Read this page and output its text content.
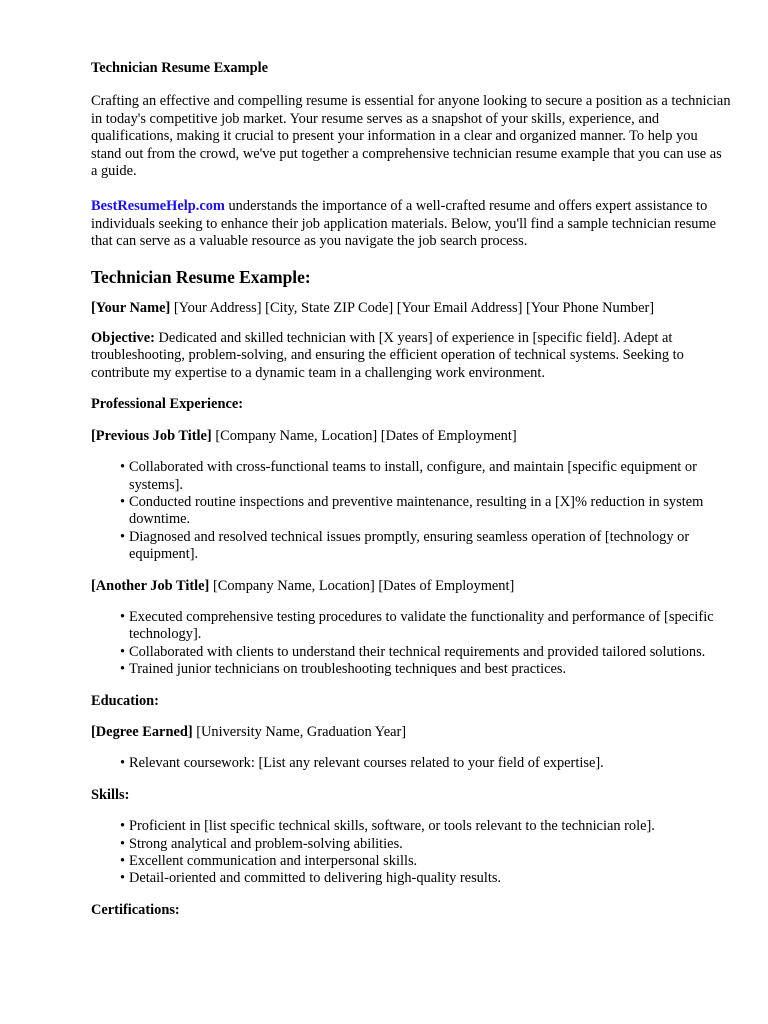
Technician Resume Example

Crafting an effective and compelling resume is essential for anyone looking to secure a position as a technician in today's competitive job market. Your resume serves as a snapshot of your skills, experience, and qualifications, making it crucial to present your information in a clear and organized manner. To help you stand out from the crowd, we've put together a comprehensive technician resume example that you can use as a guide.

BestResumeHelp.com understands the importance of a well-crafted resume and offers expert assistance to individuals seeking to enhance their job application materials. Below, you'll find a sample technician resume that can serve as a valuable resource as you navigate the job search process.

Technician Resume Example:

[Your Name] [Your Address] [City, State ZIP Code] [Your Email Address] [Your Phone Number]

Objective: Dedicated and skilled technician with [X years] of experience in [specific field]. Adept at troubleshooting, problem-solving, and ensuring the efficient operation of technical systems. Seeking to contribute my expertise to a dynamic team in a challenging work environment.

Professional Experience:

[Previous Job Title] [Company Name, Location] [Dates of Employment]

• Collaborated with cross-functional teams to install, configure, and maintain [specific equipment or systems].
• Conducted routine inspections and preventive maintenance, resulting in a [X]% reduction in system downtime.
• Diagnosed and resolved technical issues promptly, ensuring seamless operation of [technology or equipment].

[Another Job Title] [Company Name, Location] [Dates of Employment]

• Executed comprehensive testing procedures to validate the functionality and performance of [specific technology].
• Collaborated with clients to understand their technical requirements and provided tailored solutions.
• Trained junior technicians on troubleshooting techniques and best practices.

Education:

[Degree Earned] [University Name, Graduation Year]

• Relevant coursework: [List any relevant courses related to your field of expertise].

Skills:

• Proficient in [list specific technical skills, software, or tools relevant to the technician role].
• Strong analytical and problem-solving abilities.
• Excellent communication and interpersonal skills.
• Detail-oriented and committed to delivering high-quality results.

Certifications:
